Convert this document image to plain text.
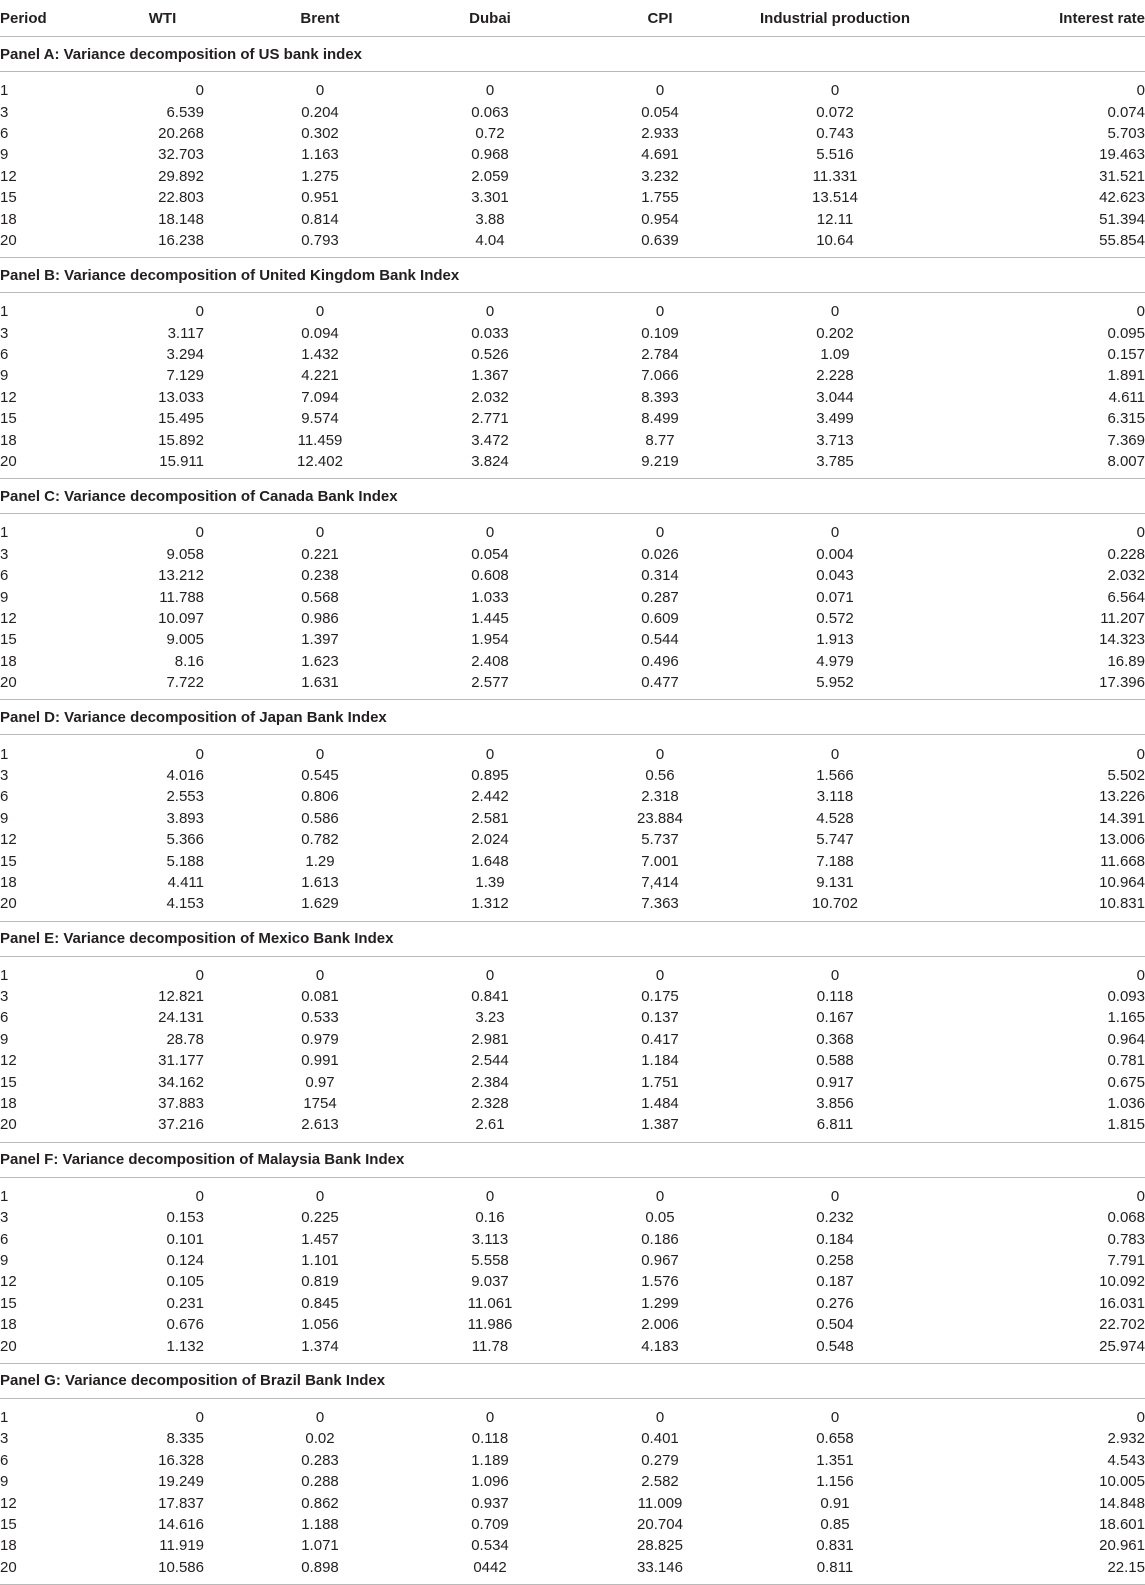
Period	WTI	Brent	Dubai	CPI	Industrial production	Interest rate
Panel A: Variance decomposition of US bank index						
1	0	0	0	0	0	0
3	6.539	0.204	0.063	0.054	0.072	0.074
6	20.268	0.302	0.72	2.933	0.743	5.703
9	32.703	1.163	0.968	4.691	5.516	19.463
12	29.892	1.275	2.059	3.232	11.331	31.521
15	22.803	0.951	3.301	1.755	13.514	42.623
18	18.148	0.814	3.88	0.954	12.11	51.394
20	16.238	0.793	4.04	0.639	10.64	55.854
Panel B: Variance decomposition of United Kingdom Bank Index						
1	0	0	0	0	0	0
3	3.117	0.094	0.033	0.109	0.202	0.095
6	3.294	1.432	0.526	2.784	1.09	0.157
9	7.129	4.221	1.367	7.066	2.228	1.891
12	13.033	7.094	2.032	8.393	3.044	4.611
15	15.495	9.574	2.771	8.499	3.499	6.315
18	15.892	11.459	3.472	8.77	3.713	7.369
20	15.911	12.402	3.824	9.219	3.785	8.007
Panel C: Variance decomposition of Canada Bank Index						
1	0	0	0	0	0	0
3	9.058	0.221	0.054	0.026	0.004	0.228
6	13.212	0.238	0.608	0.314	0.043	2.032
9	11.788	0.568	1.033	0.287	0.071	6.564
12	10.097	0.986	1.445	0.609	0.572	11.207
15	9.005	1.397	1.954	0.544	1.913	14.323
18	8.16	1.623	2.408	0.496	4.979	16.89
20	7.722	1.631	2.577	0.477	5.952	17.396
Panel D: Variance decomposition of Japan Bank Index						
1	0	0	0	0	0	0
3	4.016	0.545	0.895	0.56	1.566	5.502
6	2.553	0.806	2.442	2.318	3.118	13.226
9	3.893	0.586	2.581	23.884	4.528	14.391
12	5.366	0.782	2.024	5.737	5.747	13.006
15	5.188	1.29	1.648	7.001	7.188	11.668
18	4.411	1.613	1.39	7,414	9.131	10.964
20	4.153	1.629	1.312	7.363	10.702	10.831
Panel E: Variance decomposition of Mexico Bank Index						
1	0	0	0	0	0	0
3	12.821	0.081	0.841	0.175	0.118	0.093
6	24.131	0.533	3.23	0.137	0.167	1.165
9	28.78	0.979	2.981	0.417	0.368	0.964
12	31.177	0.991	2.544	1.184	0.588	0.781
15	34.162	0.97	2.384	1.751	0.917	0.675
18	37.883	1754	2.328	1.484	3.856	1.036
20	37.216	2.613	2.61	1.387	6.811	1.815
Panel F: Variance decomposition of Malaysia Bank Index						
1	0	0	0	0	0	0
3	0.153	0.225	0.16	0.05	0.232	0.068
6	0.101	1.457	3.113	0.186	0.184	0.783
9	0.124	1.101	5.558	0.967	0.258	7.791
12	0.105	0.819	9.037	1.576	0.187	10.092
15	0.231	0.845	11.061	1.299	0.276	16.031
18	0.676	1.056	11.986	2.006	0.504	22.702
20	1.132	1.374	11.78	4.183	0.548	25.974
Panel G: Variance decomposition of Brazil Bank Index						
1	0	0	0	0	0	0
3	8.335	0.02	0.118	0.401	0.658	2.932
6	16.328	0.283	1.189	0.279	1.351	4.543
9	19.249	0.288	1.096	2.582	1.156	10.005
12	17.837	0.862	0.937	11.009	0.91	14.848
15	14.616	1.188	0.709	20.704	0.85	18.601
18	11.919	1.071	0.534	28.825	0.831	20.961
20	10.586	0.898	0442	33.146	0.811	22.15
